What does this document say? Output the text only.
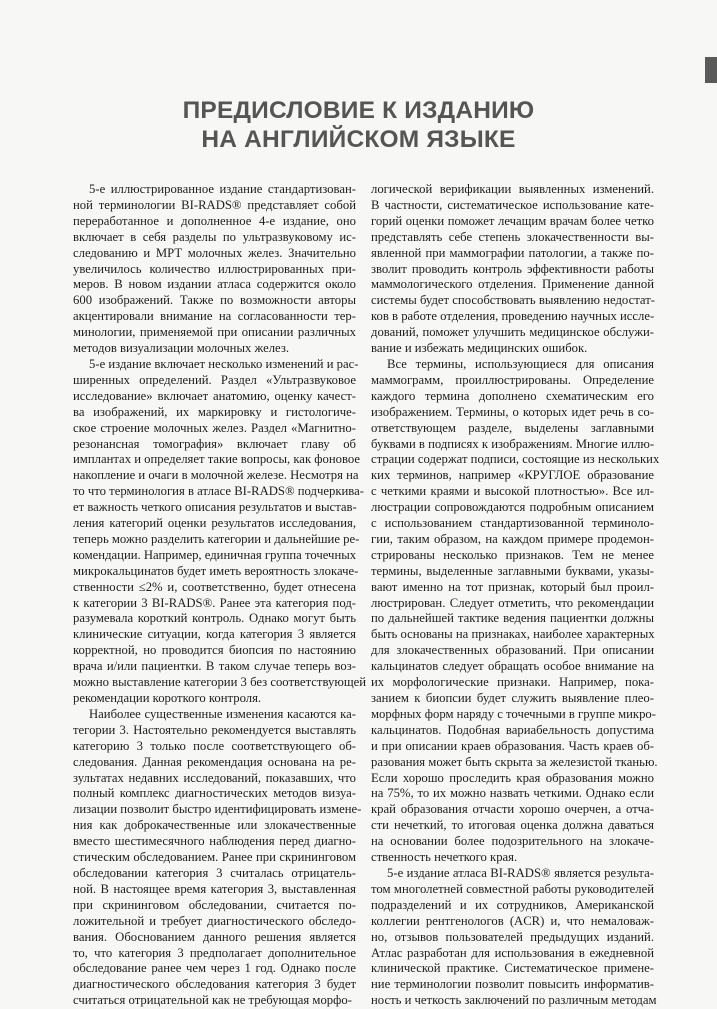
ПРЕДИСЛОВИЕ К ИЗДАНИЮ
НА АНГЛИЙСКОМ ЯЗЫКЕ
5-е иллюстрированное издание стандартизован-
ной терминологии BI-RADS® представляет собой
переработанное и дополненное 4-е издание, оно
включает в себя разделы по ультразвуковому ис-
следованию и МРТ молочных желез. Значительно
увеличилось количество иллюстрированных при-
меров. В новом издании атласа содержится около
600 изображений. Также по возможности авторы
акцентировали внимание на согласованности тер-
минологии, применяемой при описании различных
методов визуализации молочных желез.
5-е издание включает несколько изменений и рас-
ширенных определений. Раздел «Ультразвуковое
исследование» включает анатомию, оценку качест-
ва изображений, их маркировку и гистологиче-
ское строение молочных желез. Раздел «Магнитно-
резонансная томография» включает главу об
имплантах и определяет такие вопросы, как фоновое
накопление и очаги в молочной железе. Несмотря на
то что терминология в атласе BI-RADS® подчеркива-
ет важность четкого описания результатов и выстав-
ления категорий оценки результатов исследования,
теперь можно разделить категории и дальнейшие ре-
комендации. Например, единичная группа точечных
микрокальцинатов будет иметь вероятность злокаче-
ственности ≤2% и, соответственно, будет отнесена
к категории 3 BI-RADS®. Ранее эта категория под-
разумевала короткий контроль. Однако могут быть
клинические ситуации, когда категория 3 является
корректной, но проводится биопсия по настоянию
врача и/или пациентки. В таком случае теперь воз-
можно выставление категории 3 без соответствующей
рекомендации короткого контроля.
Наиболее существенные изменения касаются ка-
тегории 3. Настоятельно рекомендуется выставлять
категорию 3 только после соответствующего об-
следования. Данная рекомендация основана на ре-
зультатах недавних исследований, показавших, что
полный комплекс диагностических методов визуа-
лизации позволит быстро идентифицировать измене-
ния как доброкачественные или злокачественные
вместо шестимесячного наблюдения перед диагно-
стическим обследованием. Ранее при скрининговом
обследовании категория 3 считалась отрицатель-
ной. В настоящее время категория 3, выставленная
при скрининговом обследовании, считается по-
ложительной и требует диагностического обследо-
вания. Обоснованием данного решения является
то, что категория 3 предполагает дополнительное
обследование ранее чем через 1 год. Однако после
диагностического обследования категория 3 будет
считаться отрицательной как не требующая морфо-
логической верификации выявленных изменений.
В частности, систематическое использование кате-
горий оценки поможет лечащим врачам более четко
представлять себе степень злокачественности вы-
явленной при маммографии патологии, а также по-
зволит проводить контроль эффективности работы
маммологического отделения. Применение данной
системы будет способствовать выявлению недостат-
ков в работе отделения, проведению научных иссле-
дований, поможет улучшить медицинское обслужи-
вание и избежать медицинских ошибок.
Все термины, использующиеся для описания
маммограмм, проиллюстрированы. Определение
каждого термина дополнено схематическим его
изображением. Термины, о которых идет речь в со-
ответствующем разделе, выделены заглавными
буквами в подписях к изображениям. Многие иллю-
страции содержат подписи, состоящие из нескольких
ких терминов, например «КРУГЛОЕ образование
с четкими краями и высокой плотностью». Все ил-
люстрации сопровождаются подробным описанием
с использованием стандартизованной терминоло-
гии, таким образом, на каждом примере продемон-
стрированы несколько признаков. Тем не менее
термины, выделенные заглавными буквами, указы-
вают именно на тот признак, который был проил-
люстрирован. Следует отметить, что рекомендации
по дальнейшей тактике ведения пациентки должны
быть основаны на признаках, наиболее характерных
для злокачественных образований. При описании
кальцинатов следует обращать особое внимание на
их морфологические признаки. Например, пока-
занием к биопсии будет служить выявление плео-
морфных форм наряду с точечными в группе микро-
кальцинатов. Подобная вариабельность допустима
и при описании краев образования. Часть краев об-
разования может быть скрыта за железистой тканью.
Если хорошо проследить края образования можно
на 75%, то их можно назвать четкими. Однако если
край образования отчасти хорошо очерчен, а отча-
сти нечеткий, то итоговая оценка должна даваться
на основании более подозрительного на злокаче-
ственность нечеткого края.
5-е издание атласа BI-RADS® является результа-
том многолетней совместной работы руководителей
подразделений и их сотрудников, Американской
коллегии рентгенологов (ACR) и, что немаловаж-
но, отзывов пользователей предыдущих изданий.
Атлас разработан для использования в ежедневной
клинической практике. Систематическое примене-
ние терминологии позволит повысить информатив-
ность и четкость заключений по различным методам
